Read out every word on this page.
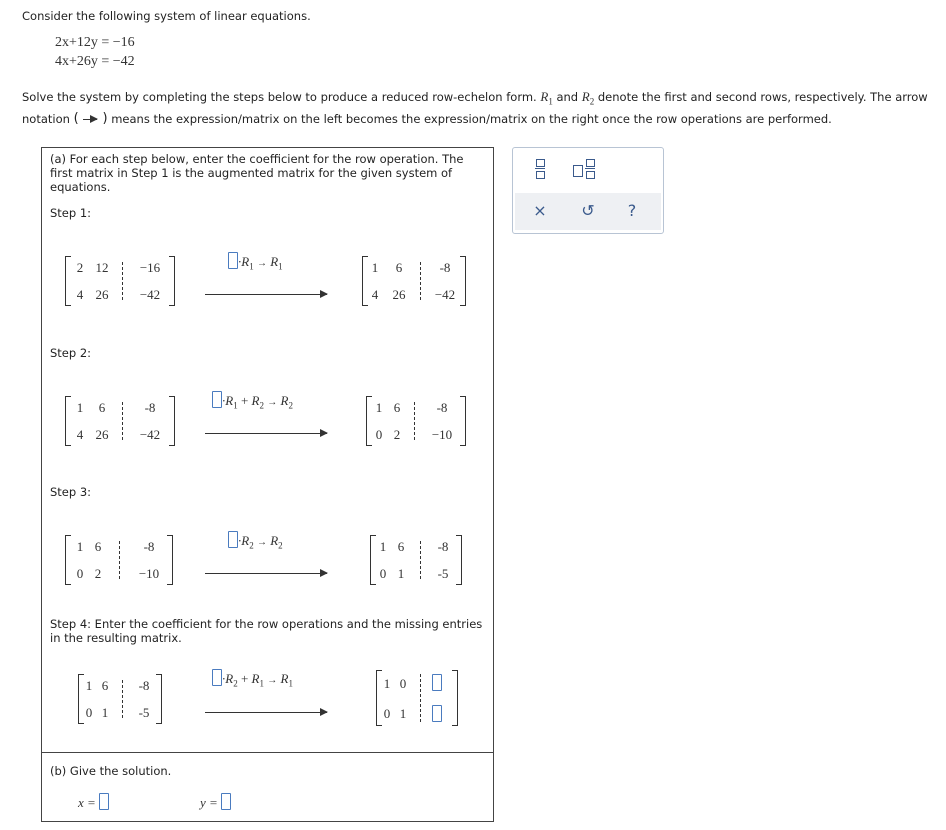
Consider the following system of linear equations.
2x+12y = −16
4x+26y = −42
Solve the system by completing the steps below to produce a reduced row-echelon form. $R_1$ and $R_2$ denote the first and second rows, respectively. The arrow
notation ( ) means the expression/matrix on the left becomes the expression/matrix on the right once the row operations are performed.
(a) For each step below, enter the coefficient for the row operation. The
first matrix in Step 1 is the augmented matrix for the given system of
equations.
Step 1:
2 12	−16
4 26	−42
$\cdot R_1 \to R_1$	1	6	-8
4	26	−42
Step 2:
1	6	-8
4 26	−42
$\cdot R_1 + R_2 \to R_2$	1 6	-8
0 2	−10
Step 3:
1 6	-8
0 2	−10
$\cdot R_2 \to R_2$	1 6	-8
0 1	-5
Step 4: Enter the coefficient for the row operations and the missing entries
in the resulting matrix.
1 6	-8
0 1	-5
$\cdot R_2 + R_1 \to R_1$	1 0
0 1
(b) Give the solution.
x =	y =
× ↺ ?
